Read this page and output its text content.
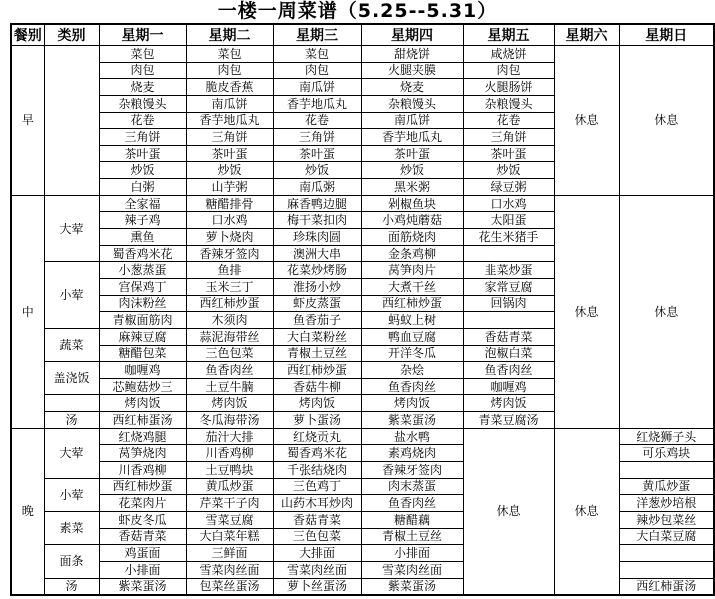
一楼一周菜谱（5.25--5.31）
餐别	类别	星期一	星期二	星期三	星期四	星期五	星期六	星期日
早		菜包	菜包	菜包	甜烧饼	咸烧饼	休息	休息
		肉包	肉包	肉包	火腿夹膜	肉包		
		烧麦	脆皮香蕉	南瓜饼	烧麦	火腿肠饼		
		杂粮馒头	南瓜饼	香芋地瓜丸	杂粮馒头	杂粮馒头		
		花卷	香芋地瓜丸	花卷	南瓜饼	花卷		
		三角饼	三角饼	三角饼	香芋地瓜丸	三角饼		
		茶叶蛋	茶叶蛋	茶叶蛋	茶叶蛋	茶叶蛋		
		炒饭	炒饭	炒饭	炒饭	炒饭		
		白粥	山芋粥	南瓜粥	黑米粥	绿豆粥		
中	大荤	全家福	糖醋排骨	麻香鸭边腿	剁椒鱼块	口水鸡	休息	休息
		辣子鸡	口水鸡	梅干菜扣肉	小鸡炖蘑菇	太阳蛋		
		熏鱼	萝卜烧肉	珍珠肉圆	面筋烧肉	花生米猪手		
		蜀香鸡米花	香辣牙签肉	澳洲大串	金条鸡柳			
	小荤	小葱蒸蛋	鱼排	花菜炒烤肠	莴笋肉片	韭菜炒蛋		
		宫保鸡丁	玉米三丁	淮扬小炒	大煮干丝	家常豆腐		
		肉沫粉丝	西红柿炒蛋	虾皮蒸蛋	西红柿炒蛋	回锅肉		
		青椒面筋肉	木须肉	鱼香茄子	蚂蚁上树			
	蔬菜	麻辣豆腐	蒜泥海带丝	大白菜粉丝	鸭血豆腐	香菇青菜		
		糖醋包菜	三色包菜	青椒土豆丝	开洋冬瓜	泡椒白菜		
	盖浇饭	咖喱鸡	鱼香肉丝	西红柿炒蛋	杂烩	鱼香肉丝		
		芯鲍菇炒三	土豆牛腩	香菇牛柳	鱼香肉丝	咖喱鸡		
		烤肉饭	烤肉饭	烤肉饭	烤肉饭	烤肉饭		
	汤	西红柿蛋汤	冬瓜海带汤	萝卜蛋汤	紫菜蛋汤	青菜豆腐汤		
晚	大荤	红烧鸡腿	茄汁大排	红烧贡丸	盐水鸭	休息	休息	红烧狮子头
		莴笋烧肉	川香鸡柳	蜀香鸡米花	素鸡烧肉			可乐鸡块
		川香鸡柳	土豆鸭块	千张结烧肉	香辣牙签肉			
	小荤	西红柿炒蛋	黄瓜炒蛋	三色鸡丁	肉末蒸蛋			黄瓜炒蛋
		花菜肉片	芹菜干子肉	山药木耳炒肉	鱼香肉丝			洋葱炒培根
	素菜	虾皮冬瓜	雪菜豆腐	香菇青菜	糖醋藕			辣炒包菜丝
		香菇青菜	大白菜年糕	三色包菜	青椒土豆丝			大白菜豆腐
	面条	鸡蛋面	三鲜面	大排面	小排面			
		小排面	雪菜肉丝面	雪菜肉丝面	雪菜肉丝面			
	汤	紫菜蛋汤	包菜丝蛋汤	萝卜丝蛋汤	紫菜蛋汤			西红柿蛋汤
